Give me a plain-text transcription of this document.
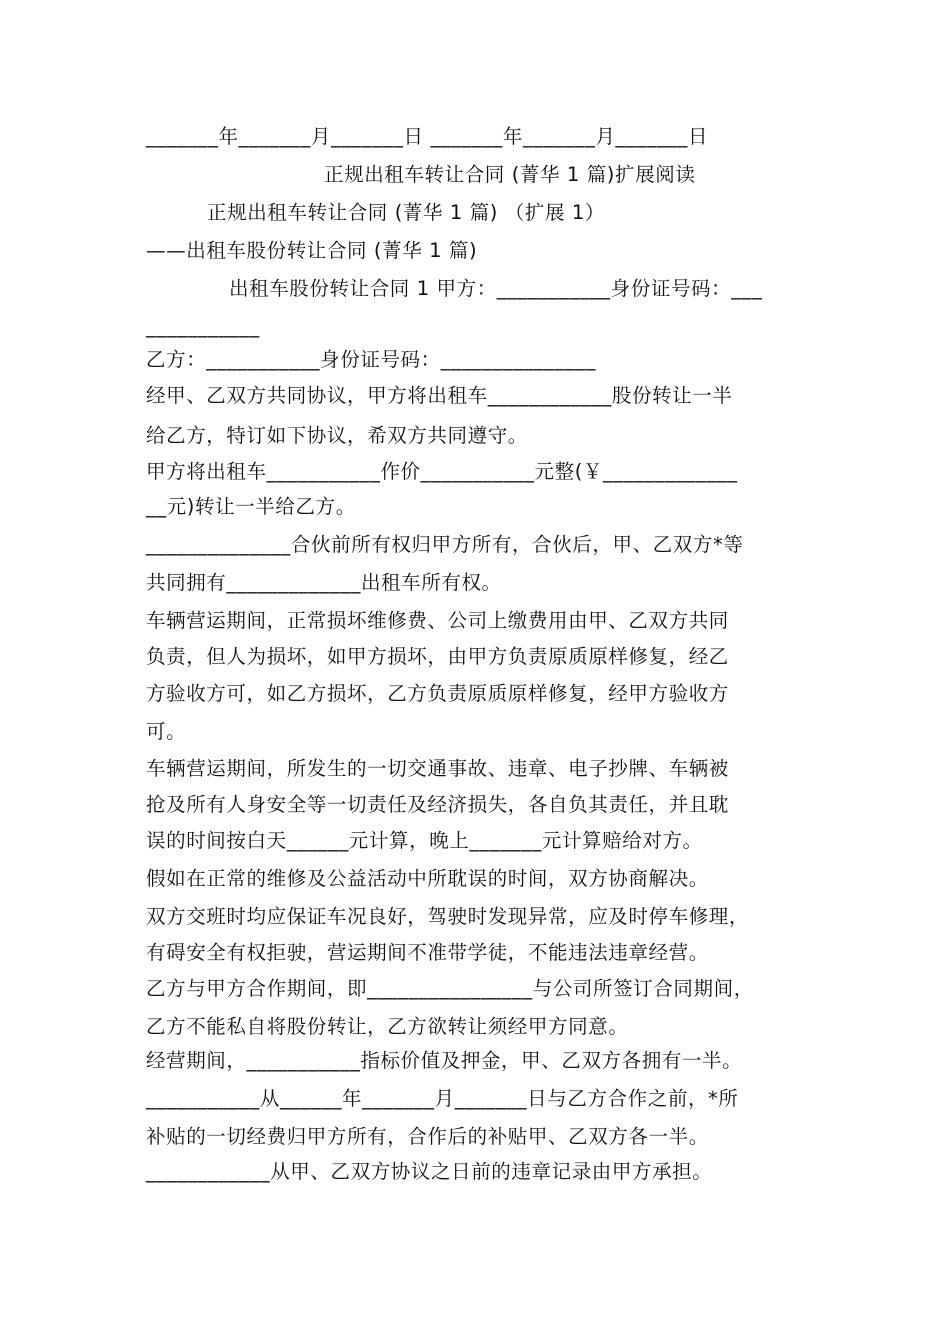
_______年_______月_______日 _______年_______月_______日
正规出租车转让合同 (菁华 1 篇)扩展阅读
正规出租车转让合同 (菁华 1 篇) （扩展 1）
——出租车股份转让合同 (菁华 1 篇)
出租车股份转让合同 1 甲方：___________身份证号码：___
___________
乙方：___________身份证号码：_______________
经甲、乙双方共同协议，甲方将出租车____________股份转让一半
给乙方，特订如下协议，希双方共同遵守。
甲方将出租车___________作价___________元整(￥_____________
__元)转让一半给乙方。
______________合伙前所有权归甲方所有，合伙后，甲、乙双方*等
共同拥有_____________出租车所有权。
车辆营运期间，正常损坏维修费、公司上缴费用由甲、乙双方共同
负责，但人为损坏，如甲方损坏，由甲方负责原质原样修复，经乙
方验收方可，如乙方损坏，乙方负责原质原样修复，经甲方验收方
可。
车辆营运期间，所发生的一切交通事故、违章、电子抄牌、车辆被
抢及所有人身安全等一切责任及经济损失，各自负其责任，并且耽
误的时间按白天______元计算，晚上_______元计算赔给对方。
假如在正常的维修及公益活动中所耽误的时间，双方协商解决。
双方交班时均应保证车况良好，驾驶时发现异常，应及时停车修理，
有碍安全有权拒驶，营运期间不准带学徒，不能违法违章经营。
乙方与甲方合作期间，即________________与公司所签订合同期间，
乙方不能私自将股份转让，乙方欲转让须经甲方同意。
经营期间，___________指标价值及押金，甲、乙双方各拥有一半。
___________从______年_______月_______日与乙方合作之前，*所
补贴的一切经费归甲方所有，合作后的补贴甲、乙双方各一半。
____________从甲、乙双方协议之日前的违章记录由甲方承担。
